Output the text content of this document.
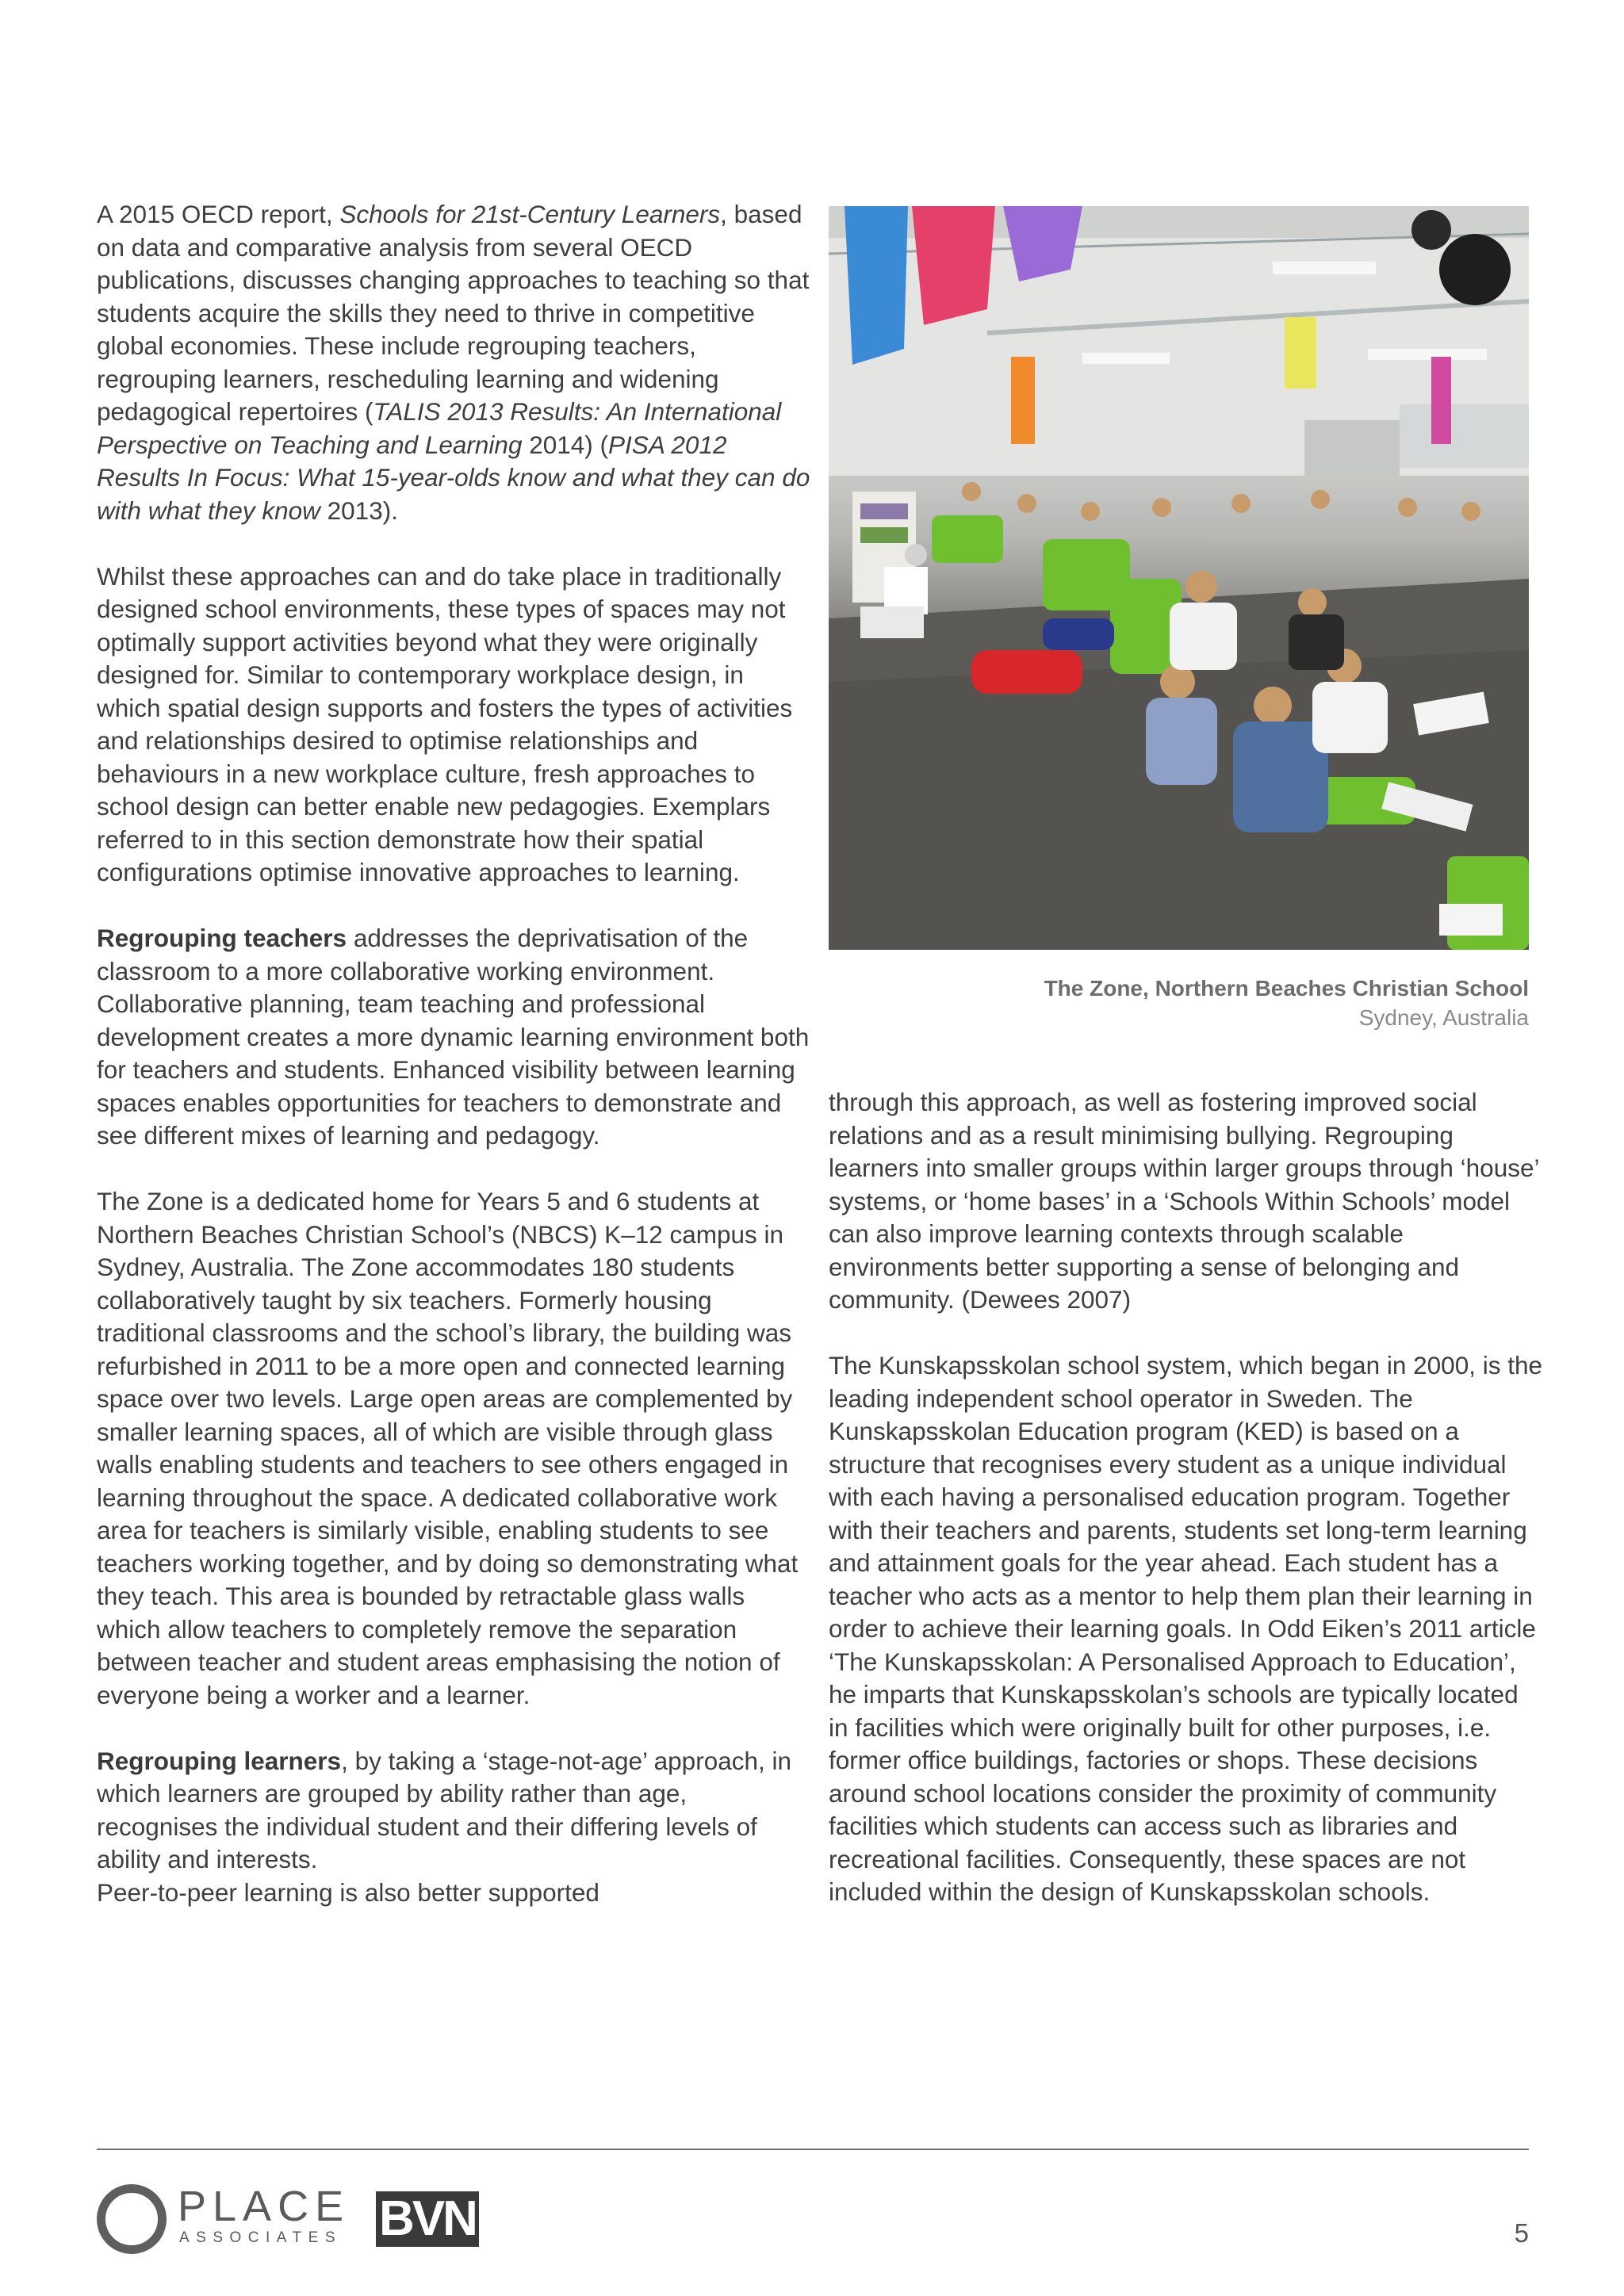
A 2015 OECD report, Schools for 21st-Century Learners, based on data and comparative analysis from several OECD publications, discusses changing approaches to teaching so that students acquire the skills they need to thrive in competitive global economies. These include regrouping teachers, regrouping learners, rescheduling learning and widening pedagogical repertoires (TALIS 2013 Results: An International Perspective on Teaching and Learning 2014) (PISA 2012 Results In Focus: What 15-year-olds know and what they can do with what they know 2013).

Whilst these approaches can and do take place in traditionally designed school environments, these types of spaces may not optimally support activities beyond what they were originally designed for. Similar to contemporary workplace design, in which spatial design supports and fosters the types of activities and relationships desired to optimise relationships and behaviours in a new workplace culture, fresh approaches to school design can better enable new pedagogies. Exemplars referred to in this section demonstrate how their spatial configurations optimise innovative approaches to learning.

Regrouping teachers addresses the deprivatisation of the classroom to a more collaborative working environment. Collaborative planning, team teaching and professional development creates a more dynamic learning environment both for teachers and students. Enhanced visibility between learning spaces enables opportunities for teachers to demonstrate and see different mixes of learning and pedagogy.

The Zone is a dedicated home for Years 5 and 6 students at Northern Beaches Christian School’s (NBCS) K–12 campus in Sydney, Australia. The Zone accommodates 180 students collaboratively taught by six teachers. Formerly housing traditional classrooms and the school’s library, the building was refurbished in 2011 to be a more open and connected learning space over two levels. Large open areas are complemented by smaller learning spaces, all of which are visible through glass walls enabling students and teachers to see others engaged in learning throughout the space. A dedicated collaborative work area for teachers is similarly visible, enabling students to see teachers working together, and by doing so demonstrating what they teach. This area is bounded by retractable glass walls which allow teachers to completely remove the separation between teacher and student areas emphasising the notion of everyone being a worker and a learner.

Regrouping learners, by taking a ‘stage-not-age’ approach, in which learners are grouped by ability rather than age, recognises the individual student and their differing levels of ability and interests.
Peer-to-peer learning is also better supported

The Zone, Northern Beaches Christian School
Sydney, Australia

through this approach, as well as fostering improved social relations and as a result minimising bullying. Regrouping learners into smaller groups within larger groups through ‘house’ systems, or ‘home bases’ in a ‘Schools Within Schools’ model can also improve learning contexts through scalable environments better supporting a sense of belonging and community. (Dewees 2007)

The Kunskapsskolan school system, which began in 2000, is the leading independent school operator in Sweden. The Kunskapsskolan Education program (KED) is based on a structure that recognises every student as a unique individual with each having a personalised education program. Together with their teachers and parents, students set long-term learning and attainment goals for the year ahead. Each student has a teacher who acts as a mentor to help them plan their learning in order to achieve their learning goals. In Odd Eiken’s 2011 article ‘The Kunskapsskolan: A Personalised Approach to Education’, he imparts that Kunskapsskolan’s schools are typically located in facilities which were originally built for other purposes, i.e. former office buildings, factories or shops. These decisions around school locations consider the proximity of community facilities which students can access such as libraries and recreational facilities. Consequently, these spaces are not included within the design of Kunskapsskolan schools.

PLACE
ASSOCIATES BVN	5
